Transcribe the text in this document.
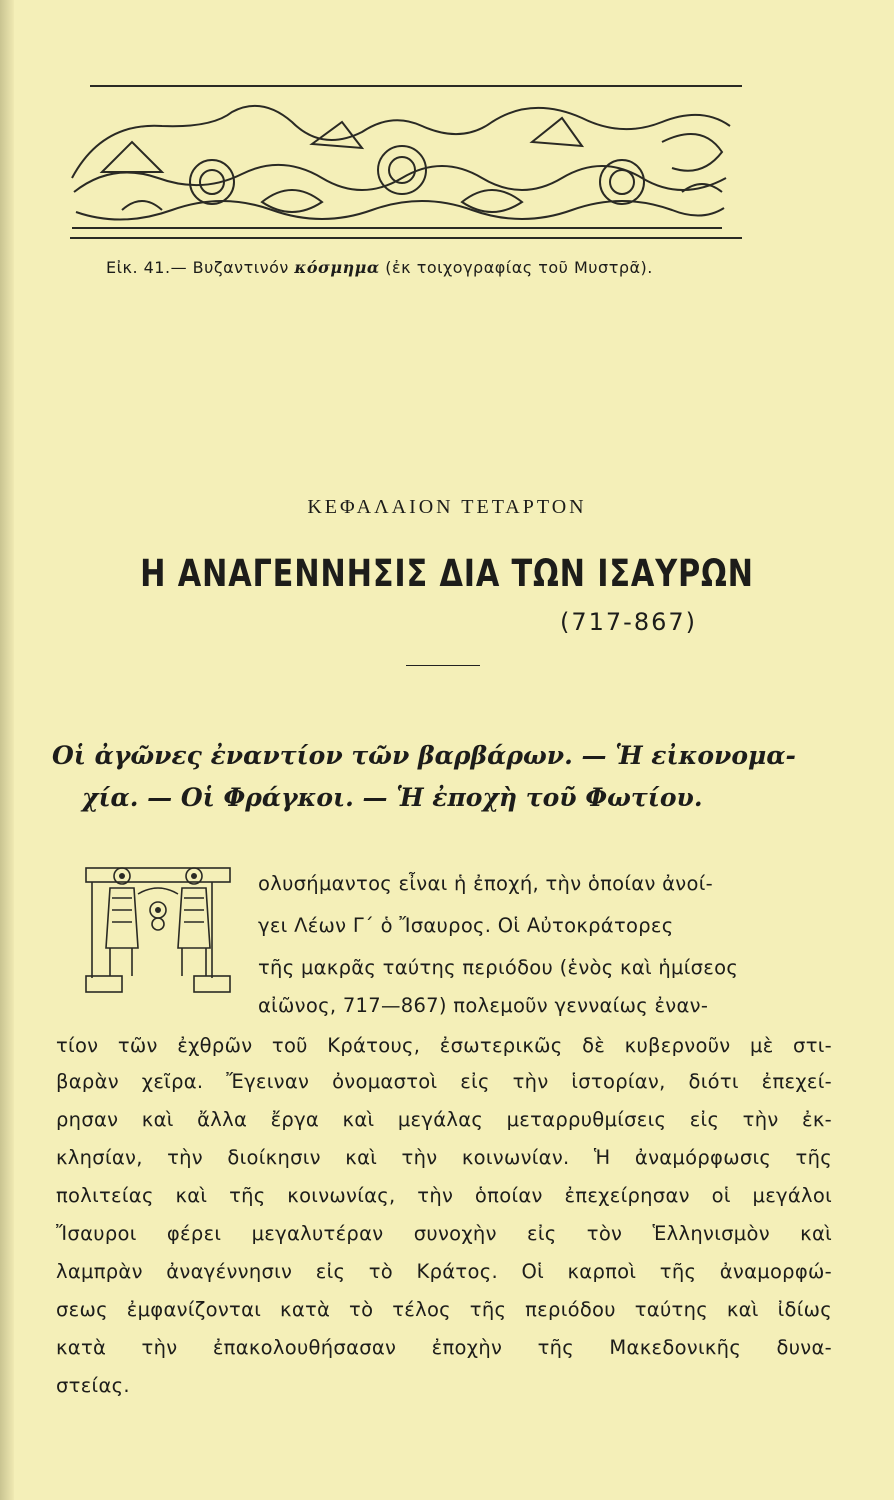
Εἰκ. 41.— Βυζαντινόν κόσμημα (ἐκ τοιχογραφίας τοῦ Μυστρᾶ).
ΚΕΦΑΛΑΙΟΝ ΤΕΤΑΡΤΟΝ
Η ΑΝΑΓΕΝΝΗΣΙΣ ΔΙΑ ΤΩΝ ΙΣΑΥΡΩΝ
(717-867)
Οἱ ἀγῶνες ἐναντίον τῶν βαρβάρων. — Ἡ εἰκονομα-
χία. — Οἱ Φράγκοι. — Ἡ ἐποχὴ τοῦ Φωτίου.
ολυσήμαντος εἶναι ἡ ἐποχή, τὴν ὁποίαν ἀνοί-
γει Λέων Γ΄ ὁ Ἴσαυρος. Οἱ Αὐτοκράτορες
τῆς μακρᾶς ταύτης περιόδου (ἑνὸς καὶ ἡμίσεος
αἰῶνος, 717—867) πολεμοῦν γενναίως ἐναν-
τίον τῶν ἐχθρῶν τοῦ Κράτους, ἐσωτερικῶς δὲ κυβερνοῦν μὲ στι-
βαρὰν χεῖρα. Ἔγειναν ὀνομαστοὶ εἰς τὴν ἱστορίαν, διότι ἐπεχεί-
ρησαν καὶ ἄλλα ἔργα καὶ μεγάλας μεταρρυθμίσεις εἰς τὴν ἐκ-
κλησίαν, τὴν διοίκησιν καὶ τὴν κοινωνίαν. Ἡ ἀναμόρφωσις τῆς
πολιτείας καὶ τῆς κοινωνίας, τὴν ὁποίαν ἐπεχείρησαν οἱ μεγάλοι
Ἴσαυροι φέρει μεγαλυτέραν συνοχὴν εἰς τὸν Ἑλληνισμὸν καὶ
λαμπρὰν ἀναγέννησιν εἰς τὸ Κράτος. Οἱ καρποὶ τῆς ἀναμορφώ-
σεως ἐμφανίζονται κατὰ τὸ τέλος τῆς περιόδου ταύτης καὶ ἰδίως
κατὰ τὴν ἐπακολουθήσασαν ἐποχὴν τῆς Μακεδονικῆς δυνα-
στείας.
